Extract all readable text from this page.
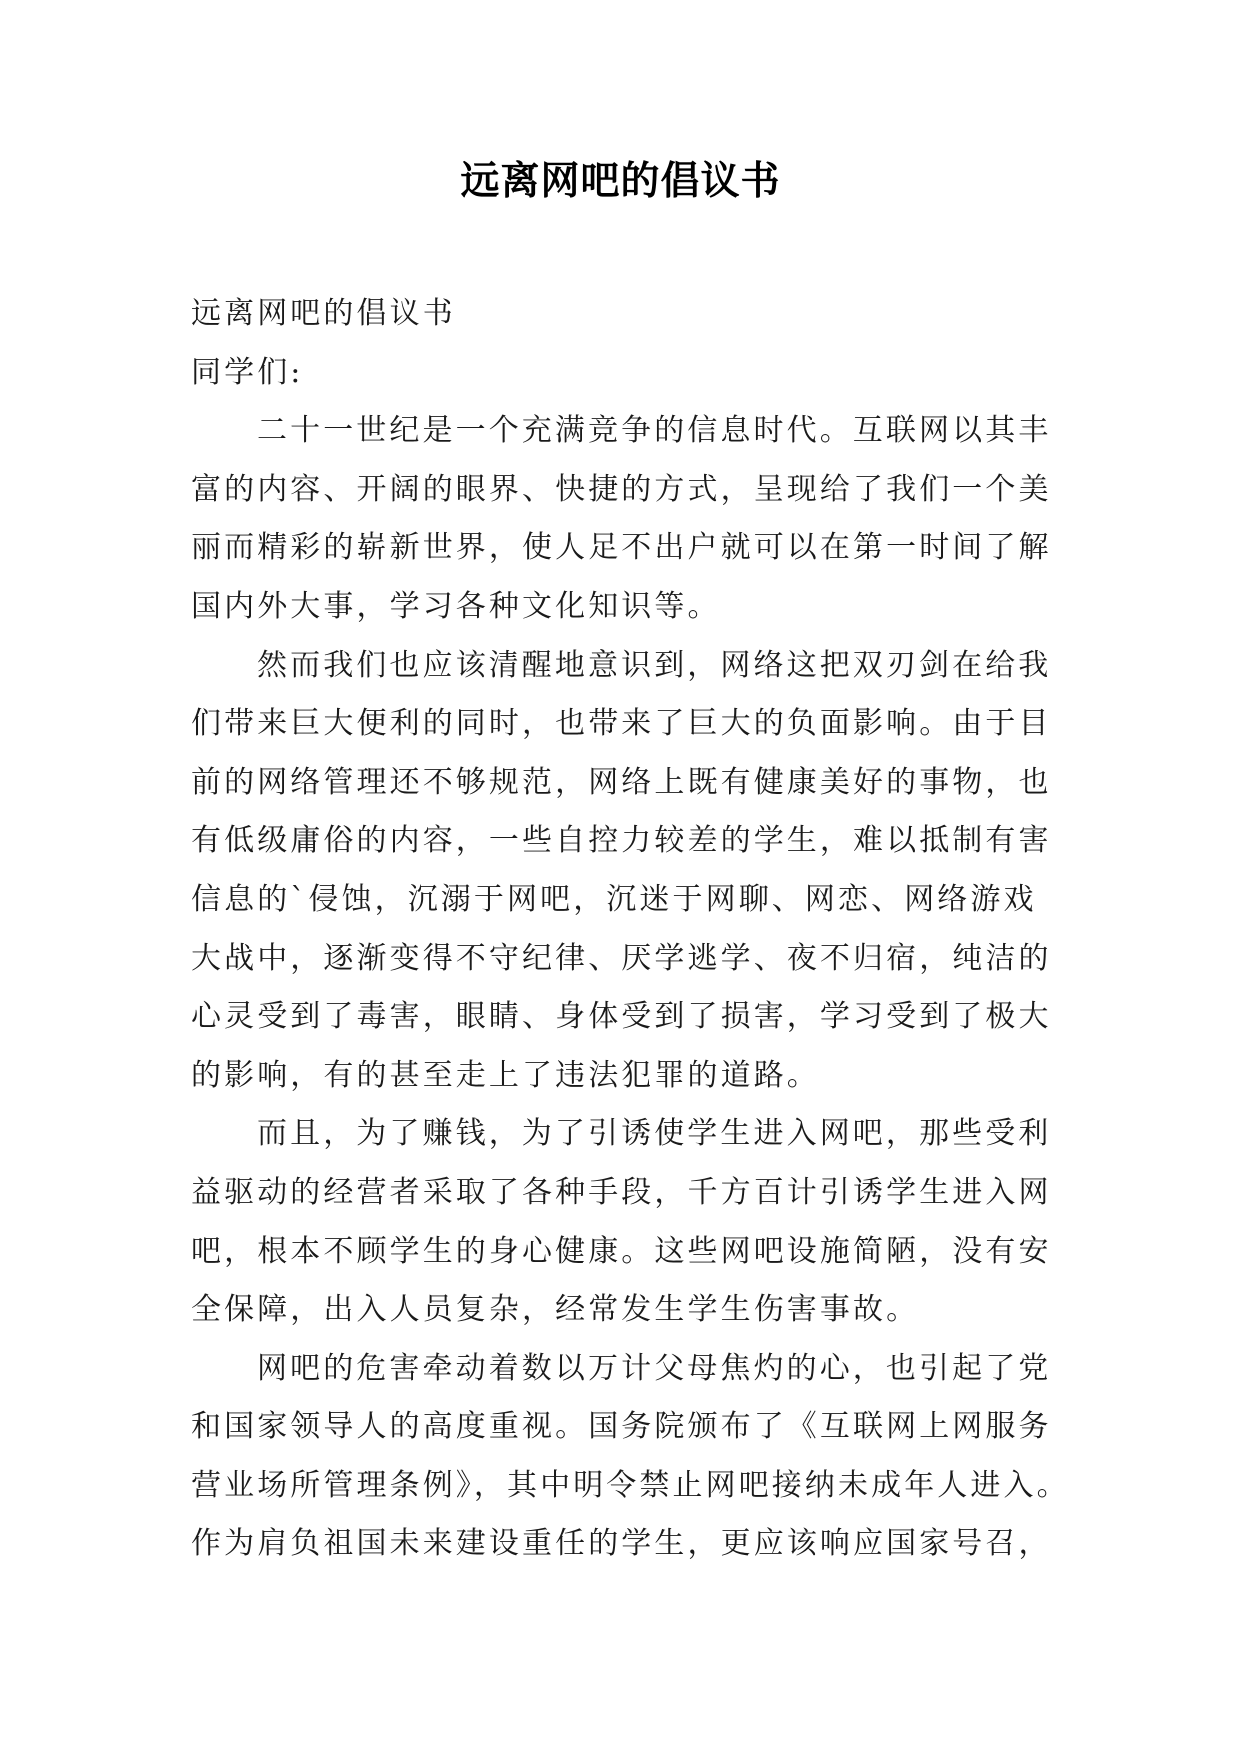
远离网吧的倡议书

远离网吧的倡议书

同学们:

二十一世纪是一个充满竞争的信息时代。互联网以其丰

富的内容、开阔的眼界、快捷的方式，呈现给了我们一个美

丽而精彩的崭新世界，使人足不出户就可以在第一时间了解

国内外大事，学习各种文化知识等。

然而我们也应该清醒地意识到，网络这把双刃剑在给我

们带来巨大便利的同时，也带来了巨大的负面影响。由于目

前的网络管理还不够规范，网络上既有健康美好的事物，也

有低级庸俗的内容，一些自控力较差的学生，难以抵制有害

信息的`侵蚀，沉溺于网吧，沉迷于网聊、网恋、网络游戏

大战中，逐渐变得不守纪律、厌学逃学、夜不归宿，纯洁的

心灵受到了毒害，眼睛、身体受到了损害，学习受到了极大

的影响，有的甚至走上了违法犯罪的道路。

而且，为了赚钱，为了引诱使学生进入网吧，那些受利

益驱动的经营者采取了各种手段，千方百计引诱学生进入网

吧，根本不顾学生的身心健康。这些网吧设施简陋，没有安

全保障，出入人员复杂，经常发生学生伤害事故。

网吧的危害牵动着数以万计父母焦灼的心，也引起了党

和国家领导人的高度重视。国务院颁布了《互联网上网服务

营业场所管理条例》，其中明令禁止网吧接纳未成年人进入。

作为肩负祖国未来建设重任的学生，更应该响应国家号召，
